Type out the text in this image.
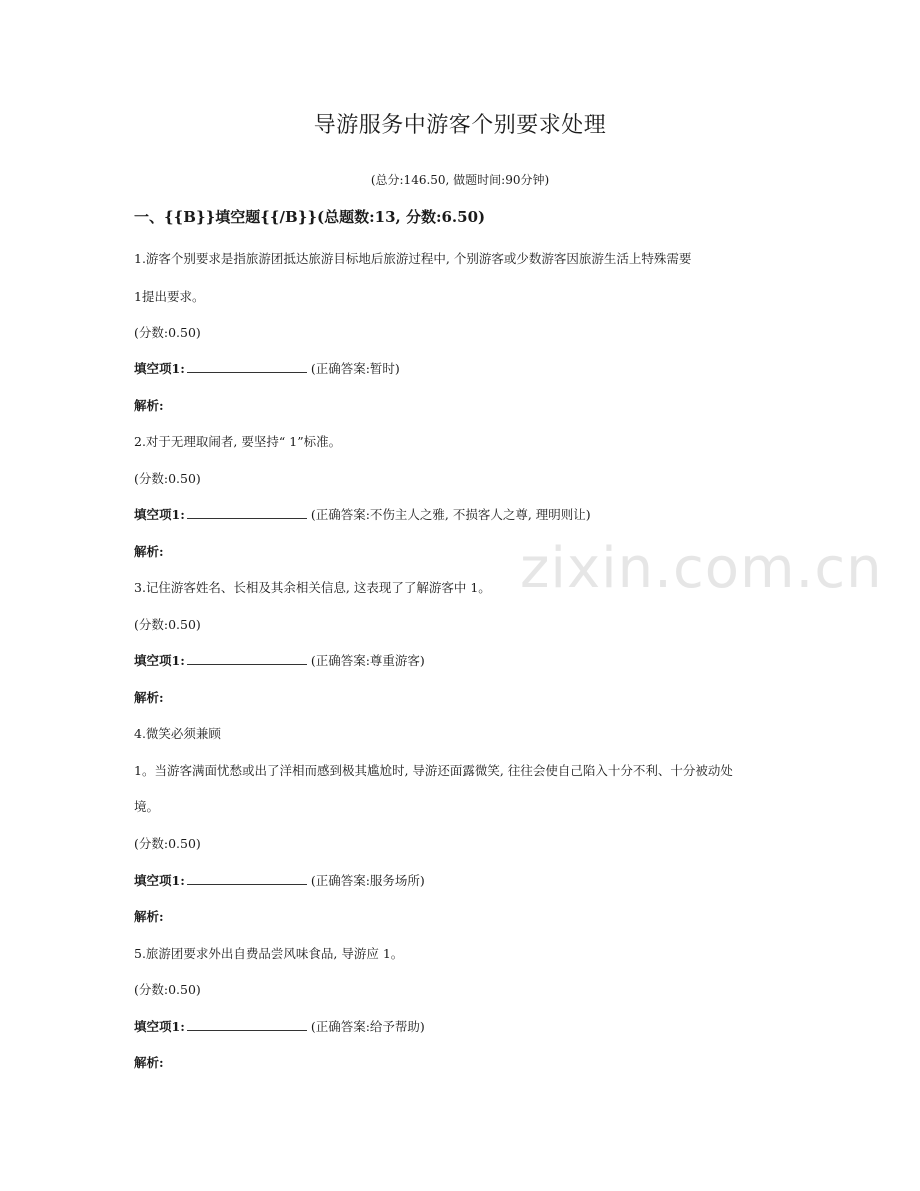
zixin.com.cn
导游服务中游客个别要求处理
(总分:146.50, 做题时间:90分钟)
一、{{B}}填空题{{/B}}(总题数:13, 分数:6.50)
1.游客个别要求是指旅游团抵达旅游目标地后旅游过程中, 个别游客或少数游客因旅游生活上特殊需要
1提出要求。
(分数:0.50)
填空项1:	(正确答案:暂时)
解析:
2.对于无理取闹者, 要坚持“ 1”标准。
(分数:0.50)
填空项1:	(正确答案:不伤主人之雅, 不损客人之尊, 理明则让)
解析:
3.记住游客姓名、长相及其余相关信息, 这表现了了解游客中 1。
(分数:0.50)
填空项1:	(正确答案:尊重游客)
解析:
4.微笑必须兼顾
1。当游客满面忧愁或出了洋相而感到极其尴尬时, 导游还面露微笑, 往往会使自己陷入十分不利、十分被动处
境。
(分数:0.50)
填空项1:	(正确答案:服务场所)
解析:
5.旅游团要求外出自费品尝风味食品, 导游应 1。
(分数:0.50)
填空项1:	(正确答案:给予帮助)
解析:
